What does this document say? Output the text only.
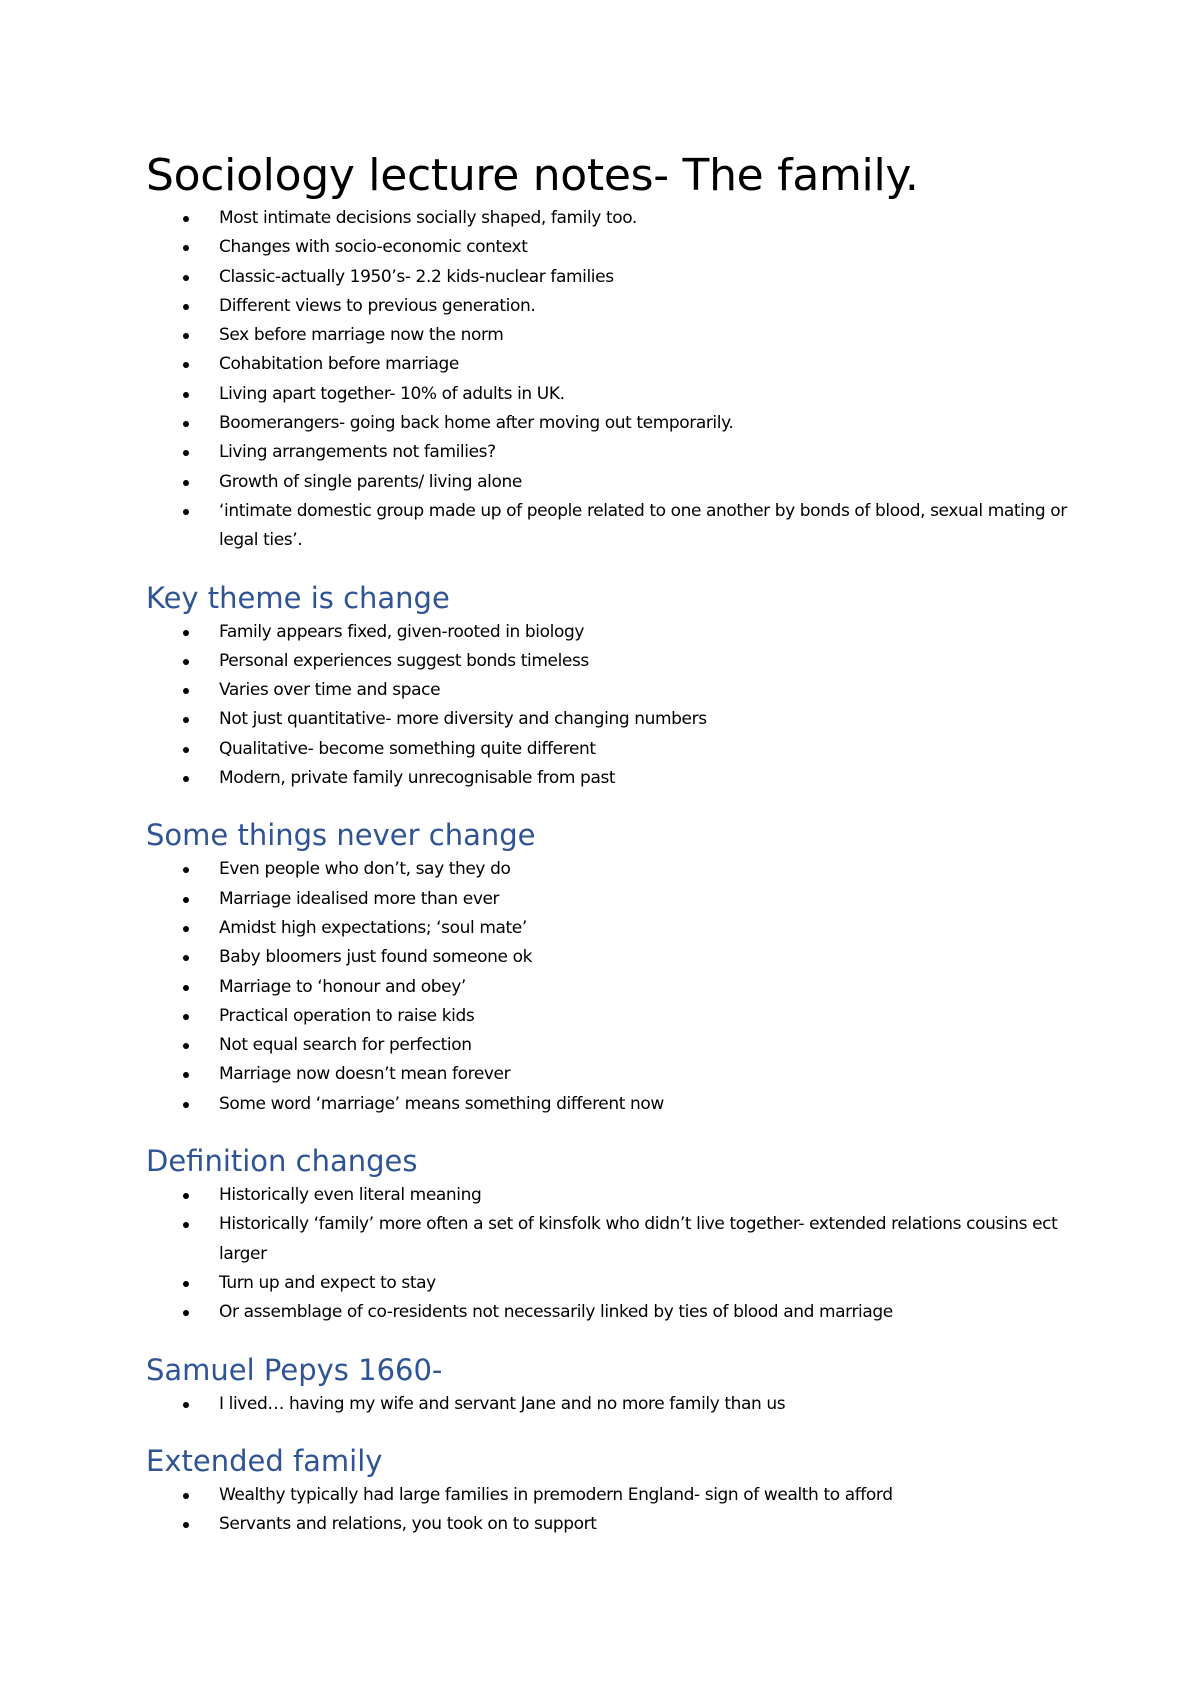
Sociology lecture notes- The family.
Most intimate decisions socially shaped, family too.
Changes with socio-economic context
Classic-actually 1950’s- 2.2 kids-nuclear families
Different views to previous generation.
Sex before marriage now the norm
Cohabitation before marriage
Living apart together- 10% of adults in UK.
Boomerangers- going back home after moving out temporarily.
Living arrangements not families?
Growth of single parents/ living alone
‘intimate domestic group made up of people related to one another by bonds of blood, sexual mating or legal ties’.
Key theme is change
Family appears fixed, given-rooted in biology
Personal experiences suggest bonds timeless
Varies over time and space
Not just quantitative- more diversity and changing numbers
Qualitative- become something quite different
Modern, private family unrecognisable from past
Some things never change
Even people who don’t, say they do
Marriage idealised more than ever
Amidst high expectations; ‘soul mate’
Baby bloomers just found someone ok
Marriage to ‘honour and obey’
Practical operation to raise kids
Not equal search for perfection
Marriage now doesn’t mean forever
Some word ‘marriage’ means something different now
Definition changes
Historically even literal meaning
Historically ‘family’ more often a set of kinsfolk who didn’t live together- extended relations cousins ect larger
Turn up and expect to stay
Or assemblage of co-residents not necessarily linked by ties of blood and marriage
Samuel Pepys 1660-
I lived… having my wife and servant Jane and no more family than us
Extended family
Wealthy typically had large families in premodern England- sign of wealth to afford
Servants and relations, you took on to support
